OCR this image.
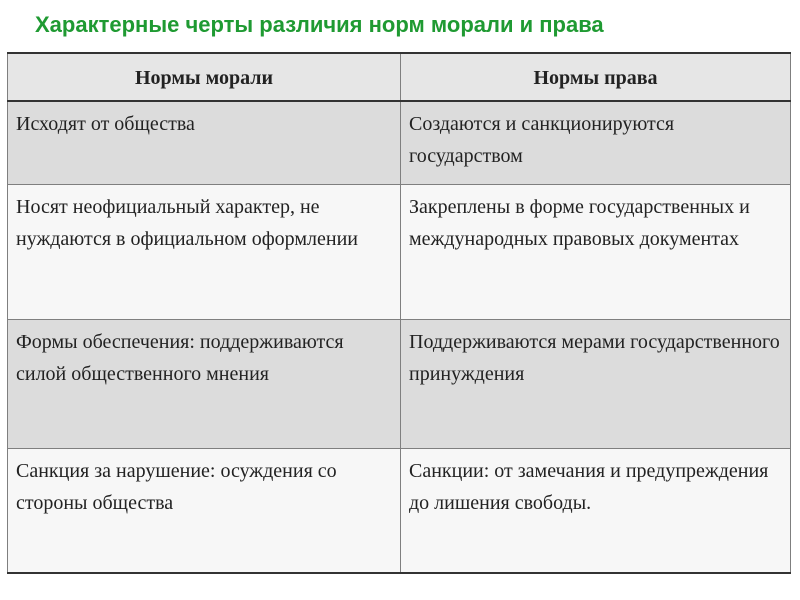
Характерные черты различия норм морали и права
Нормы морали	Нормы права
Исходят от общества	Создаются и санкционируются государством
Носят неофициальный характер, не нуждаются в официальном оформлении	Закреплены в форме государственных и международных правовых документах
Формы обеспечения: поддерживаются силой общественного мнения	Поддерживаются мерами государственного принуждения
Санкция за нарушение: осуждения со стороны общества	Санкции: от замечания и предупреждения до лишения свободы.
